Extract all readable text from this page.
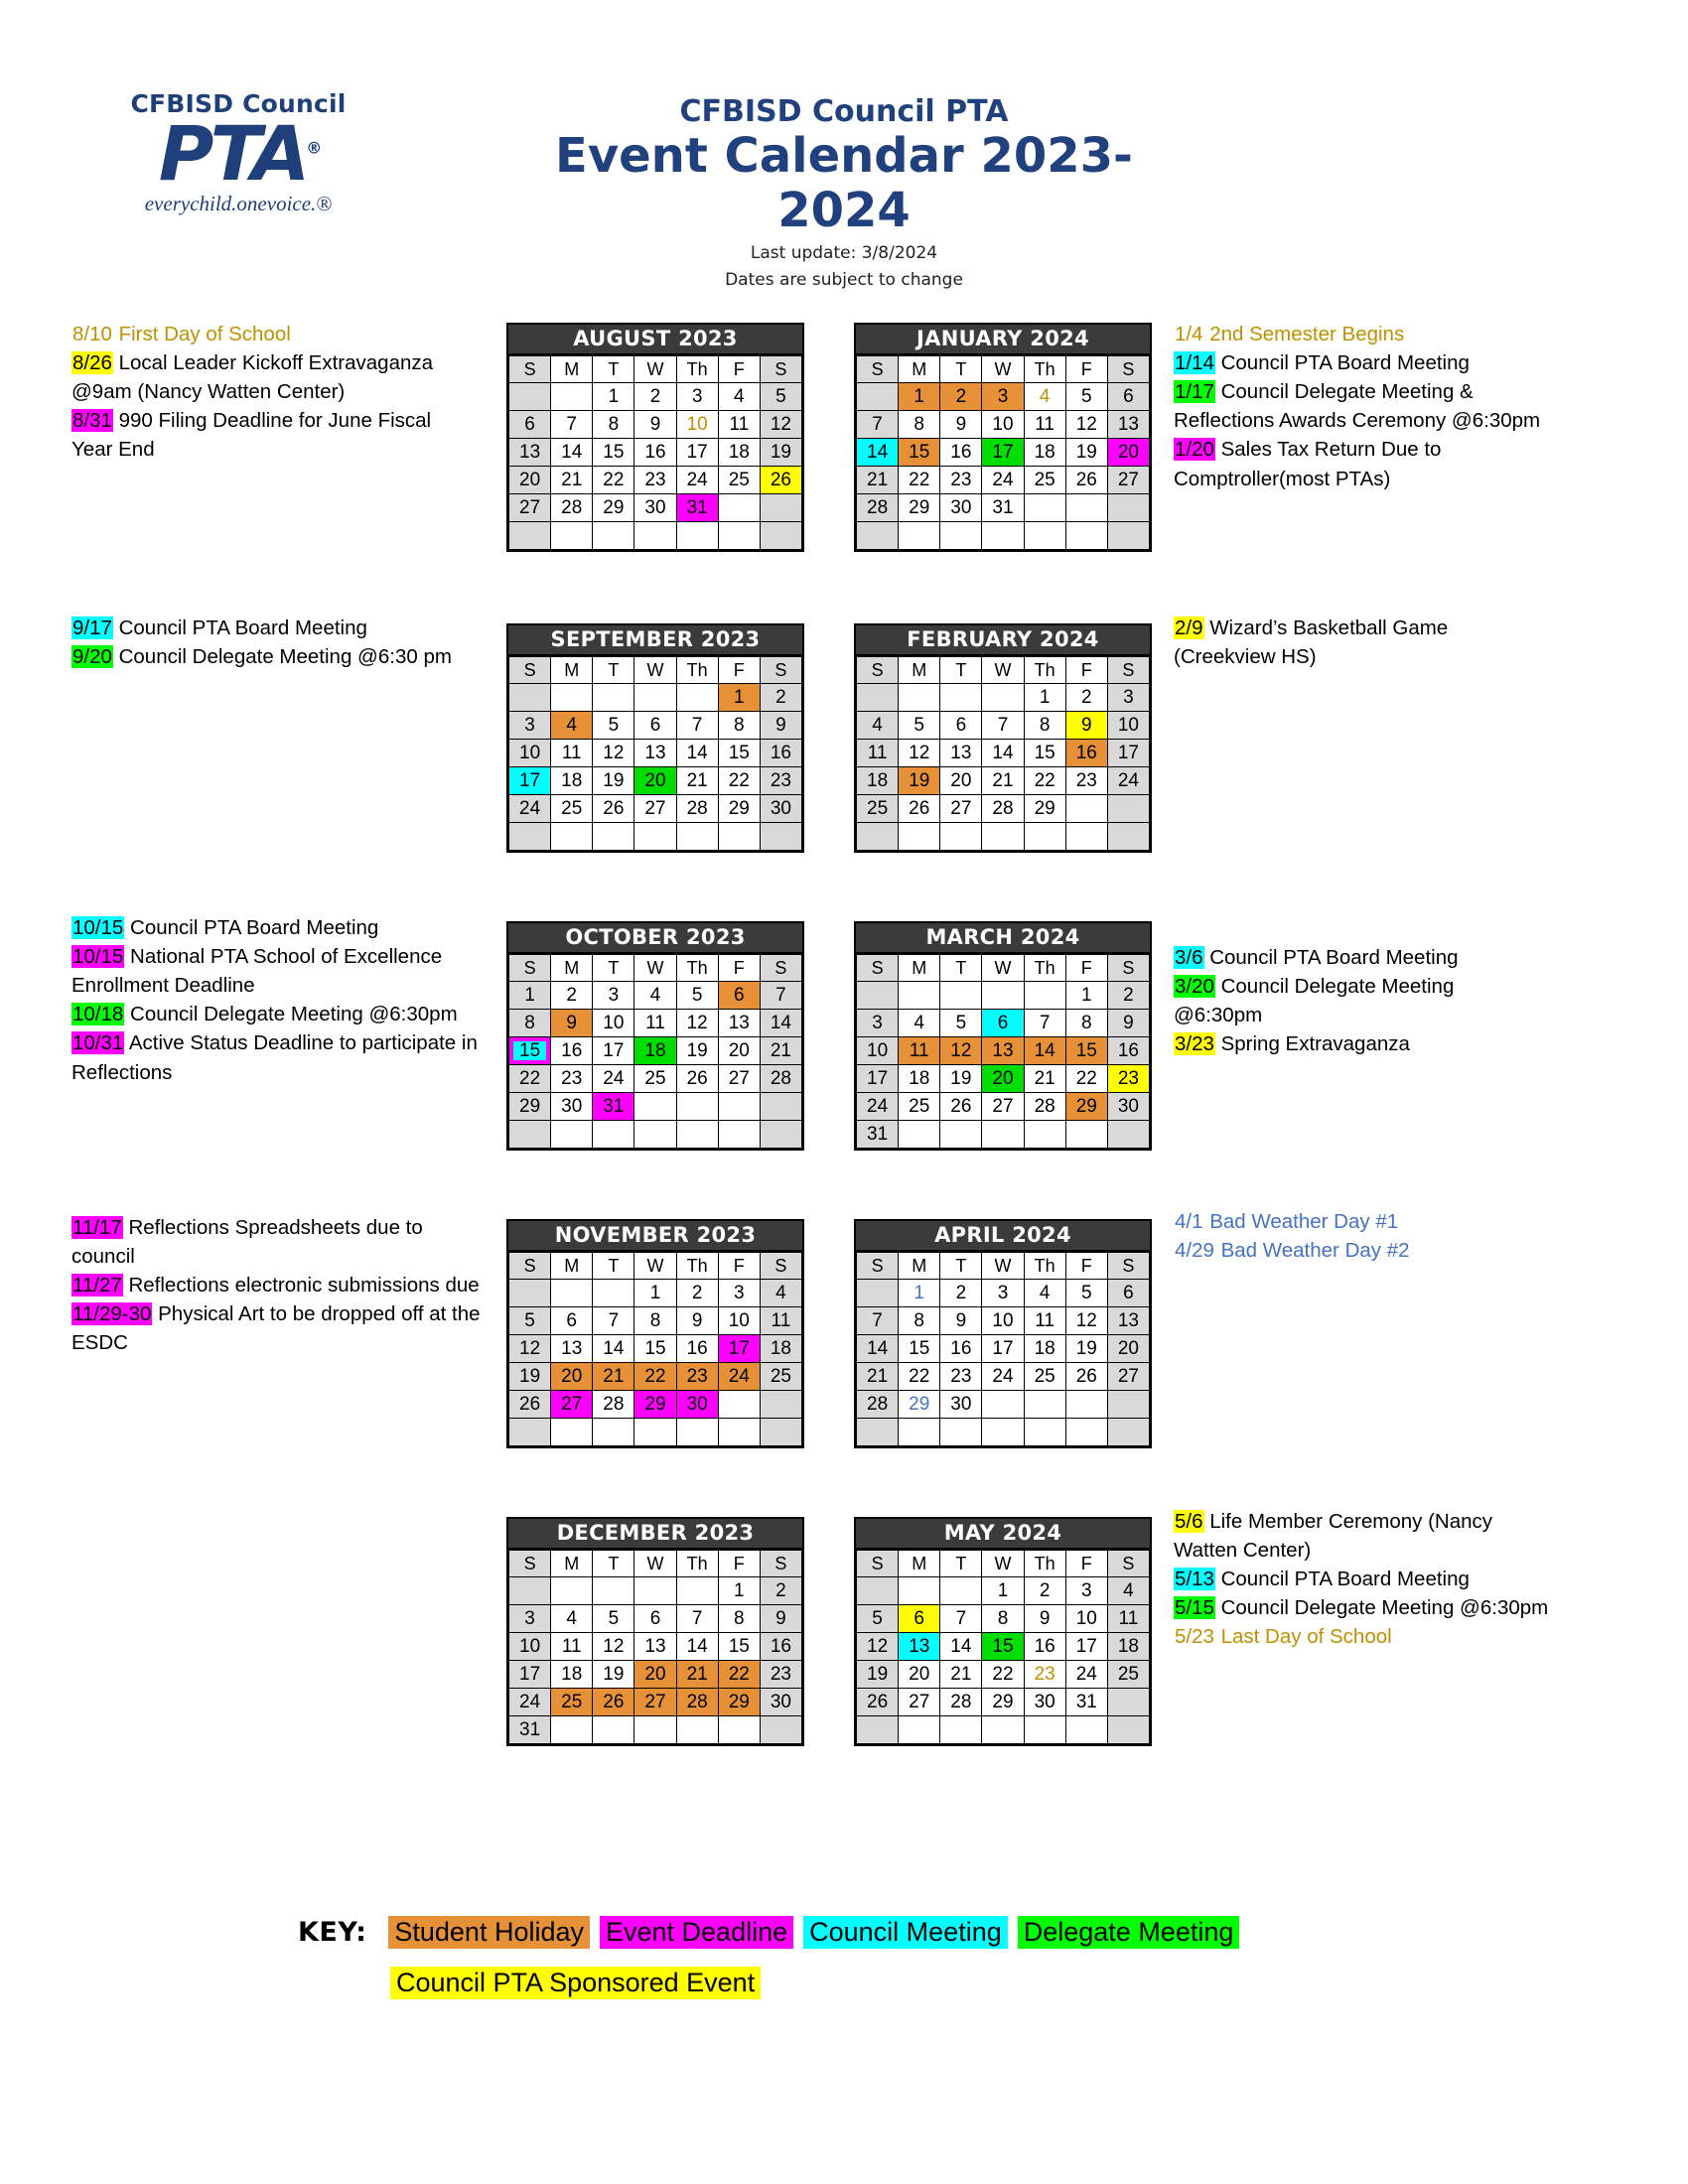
CFBISD Council
PTA®
everychild.onevoice.®
CFBISD Council PTA
Event Calendar 2023-2024
Last update: 3/8/2024
Dates are subject to change
AUGUST 2023
S	M	T	W	Th	F	S
		1	2	3	4	5
6	7	8	9	10	11	12
13	14	15	16	17	18	19
20	21	22	23	24	25	26
27	28	29	30	31		

JANUARY 2024
S	M	T	W	Th	F	S
	1	2	3	4	5	6
7	8	9	10	11	12	13
14	15	16	17	18	19	20
21	22	23	24	25	26	27
28	29	30	31			

SEPTEMBER 2023
S	M	T	W	Th	F	S
					1	2
3	4	5	6	7	8	9
10	11	12	13	14	15	16
17	18	19	20	21	22	23
24	25	26	27	28	29	30

FEBRUARY 2024
S	M	T	W	Th	F	S
				1	2	3
4	5	6	7	8	9	10
11	12	13	14	15	16	17
18	19	20	21	22	23	24
25	26	27	28	29		

OCTOBER 2023
S	M	T	W	Th	F	S
1	2	3	4	5	6	7
8	9	10	11	12	13	14
15	16	17	18	19	20	21
22	23	24	25	26	27	28
29	30	31				

MARCH 2024
S	M	T	W	Th	F	S
					1	2
3	4	5	6	7	8	9
10	11	12	13	14	15	16
17	18	19	20	21	22	23
24	25	26	27	28	29	30
31						
NOVEMBER 2023
S	M	T	W	Th	F	S
			1	2	3	4
5	6	7	8	9	10	11
12	13	14	15	16	17	18
19	20	21	22	23	24	25
26	27	28	29	30		

APRIL 2024
S	M	T	W	Th	F	S
	1	2	3	4	5	6
7	8	9	10	11	12	13
14	15	16	17	18	19	20
21	22	23	24	25	26	27
28	29	30				

DECEMBER 2023
S	M	T	W	Th	F	S
					1	2
3	4	5	6	7	8	9
10	11	12	13	14	15	16
17	18	19	20	21	22	23
24	25	26	27	28	29	30
31						
MAY 2024
S	M	T	W	Th	F	S
			1	2	3	4
5	6	7	8	9	10	11
12	13	14	15	16	17	18
19	20	21	22	23	24	25
26	27	28	29	30	31	

8/10 First Day of School
8/26 Local Leader Kickoff Extravaganza @9am (Nancy Watten Center)
8/31 990 Filing Deadline for June Fiscal Year End
9/17 Council PTA Board Meeting
9/20 Council Delegate Meeting @6:30 pm
10/15 Council PTA Board Meeting
10/15 National PTA School of Excellence Enrollment Deadline
10/18 Council Delegate Meeting @6:30pm
10/31 Active Status Deadline to participate in Reflections
11/17 Reflections Spreadsheets due to council
11/27 Reflections electronic submissions due
11/29-30 Physical Art to be dropped off at the ESDC
1/4 2nd Semester Begins
1/14 Council PTA Board Meeting
1/17 Council Delegate Meeting & Reflections Awards Ceremony @6:30pm
1/20 Sales Tax Return Due to Comptroller(most PTAs)
2/9 Wizard’s Basketball Game (Creekview HS)
3/6 Council PTA Board Meeting
3/20 Council Delegate Meeting @6:30pm
3/23 Spring Extravaganza
4/1 Bad Weather Day #1
4/29 Bad Weather Day #2
5/6 Life Member Ceremony (Nancy Watten Center)
5/13 Council PTA Board Meeting
5/15 Council Delegate Meeting @6:30pm
5/23 Last Day of School
KEY: Student Holiday Event Deadline Council Meeting Delegate Meeting
Council PTA Sponsored Event
